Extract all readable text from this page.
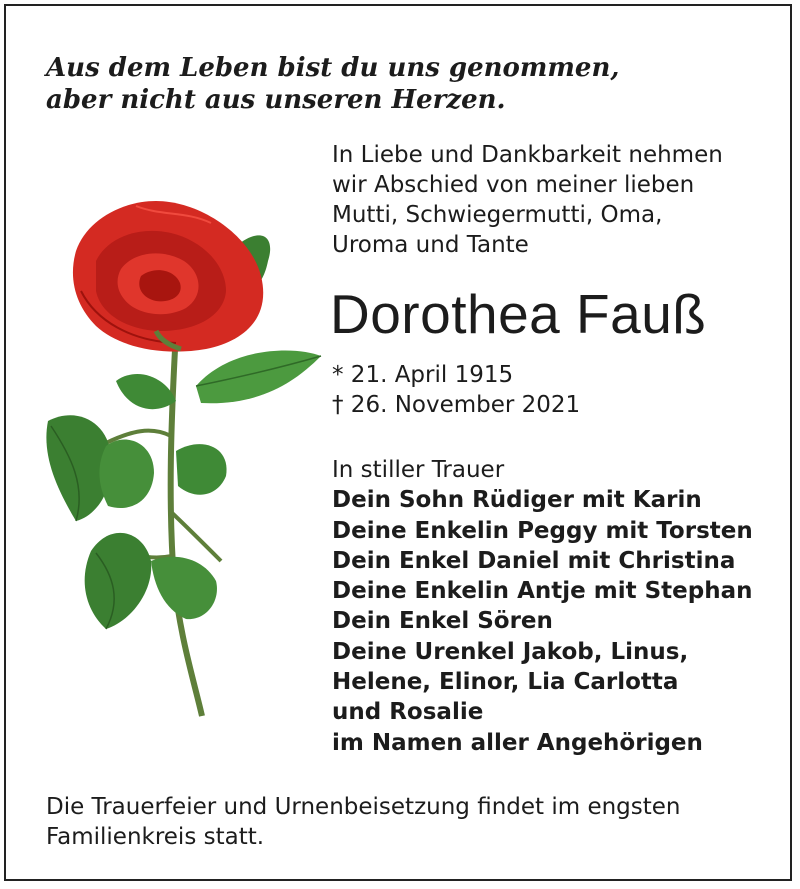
Aus dem Leben bist du uns genommen,
aber nicht aus unseren Herzen.

In Liebe und Dankbarkeit nehmen
wir Abschied von meiner lieben
Mutti, Schwiegermutti, Oma,
Uroma und Tante

Dorothea Fauß

* 21. April 1915
† 26. November 2021

In stiller Trauer
Dein Sohn Rüdiger mit Karin
Deine Enkelin Peggy mit Torsten
Dein Enkel Daniel mit Christina
Deine Enkelin Antje mit Stephan
Dein Enkel Sören
Deine Urenkel Jakob, Linus,
Helene, Elinor, Lia Carlotta
und Rosalie
im Namen aller Angehörigen

Die Trauerfeier und Urnenbeisetzung findet im engsten
Familienkreis statt.
